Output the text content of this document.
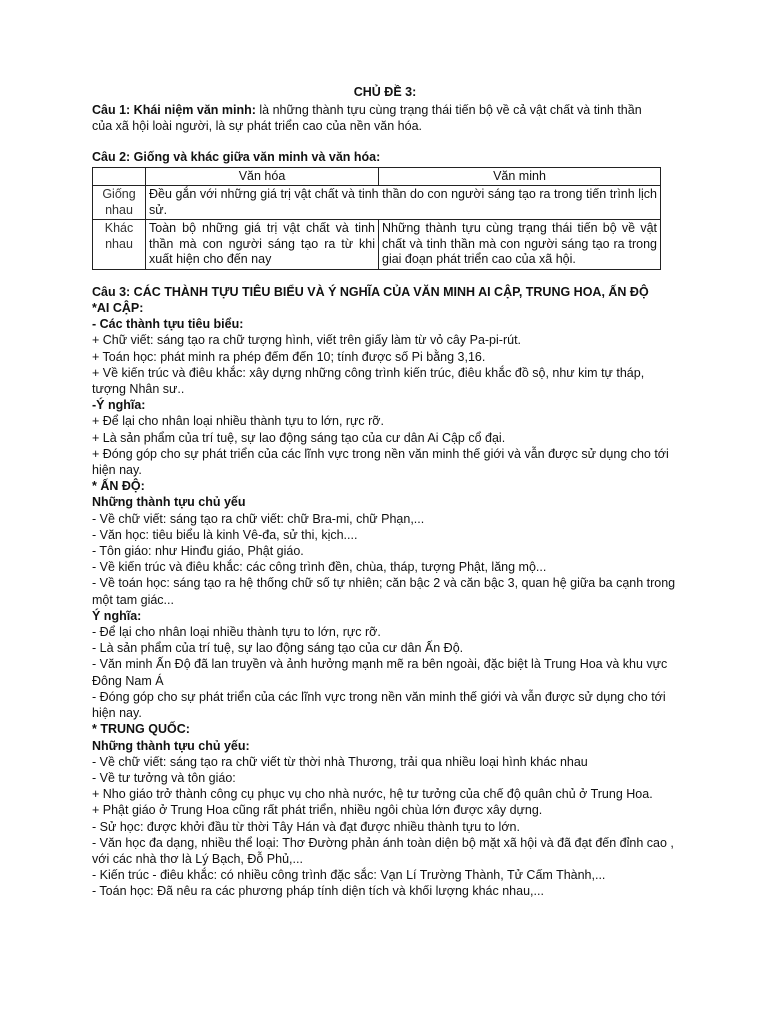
CHỦ ĐỀ 3:
Câu 1: Khái niệm văn minh: là những thành tựu cùng trạng thái tiến bộ về cả vật chất và tinh thần
của xã hội loài người, là sự phát triển cao của nền văn hóa.
Câu 2: Giống và khác giữa văn minh và văn hóa:
	Văn hóa	Văn minh
Giống nhau	Đều gắn với những giá trị vật chất và tinh thần do con người sáng tạo ra trong tiến trình lịch sử.	
Khác nhau	Toàn bộ những giá trị vật chất và tinh thần mà con người sáng tạo ra từ khi xuất hiện cho đến nay	Những thành tựu cùng trạng thái tiến bộ về vật chất và tinh thần mà con người sáng tạo ra trong giai đoạn phát triển cao của xã hội.
Câu 3: CÁC THÀNH TỰU TIÊU BIỂU VÀ Ý NGHĨA CỦA VĂN MINH AI CẬP, TRUNG HOA, ẤN ĐỘ
*AI CẬP:
- Các thành tựu tiêu biểu:
+ Chữ viết: sáng tạo ra chữ tượng hình, viết trên giấy làm từ vỏ cây Pa-pi-rút.
+ Toán học: phát minh ra phép đếm đến 10; tính được số Pi bằng 3,16.
+ Về kiến trúc và điêu khắc: xây dựng những công trình kiến trúc, điêu khắc đồ sộ, như kim tự tháp, tượng Nhân sư..
-Ý nghĩa:
+ Để lại cho nhân loại nhiều thành tựu to lớn, rực rỡ.
+ Là sản phẩm của trí tuệ, sự lao động sáng tạo của cư dân Ai Cập cổ đại.
+ Đóng góp cho sự phát triển của các lĩnh vực trong nền văn minh thế giới và vẫn được sử dụng cho tới hiện nay.
* ẤN ĐỘ:
Những thành tựu chủ yếu
- Về chữ viết: sáng tạo ra chữ viết: chữ Bra-mi, chữ Phạn,...
- Văn học: tiêu biểu là kinh Vê-đa, sử thi, kịch....
- Tôn giáo: như Hinđu giáo, Phật giáo.
- Về kiến trúc và điêu khắc: các công trình đền, chùa, tháp, tượng Phật, lăng mộ...
- Về toán học: sáng tạo ra hệ thống chữ số tự nhiên; căn bậc 2 và căn bậc 3, quan hệ giữa ba cạnh trong một tam giác...
Ý nghĩa:
- Để lại cho nhân loại nhiều thành tựu to lớn, rực rỡ.
- Là sản phẩm của trí tuệ, sự lao động sáng tạo của cư dân Ấn Độ.
- Văn minh Ấn Độ đã lan truyền và ảnh hưởng mạnh mẽ ra bên ngoài, đặc biệt là Trung Hoa và khu vực Đông Nam Á
- Đóng góp cho sự phát triển của các lĩnh vực trong nền văn minh thế giới và vẫn được sử dụng cho tới hiện nay.
* TRUNG QUỐC:
Những thành tựu chủ yếu:
- Về chữ viết: sáng tạo ra chữ viết từ thời nhà Thương, trải qua nhiều loại hình khác nhau
- Về tư tưởng và tôn giáo:
+ Nho giáo trở thành công cụ phục vụ cho nhà nước, hệ tư tưởng của chế độ quân chủ ở Trung Hoa.
+ Phật giáo ở Trung Hoa cũng rất phát triển, nhiều ngôi chùa lớn được xây dựng.
- Sử học: được khởi đầu từ thời Tây Hán và đạt được nhiều thành tựu to lớn.
- Văn học đa dạng, nhiều thể loại: Thơ Đường phản ánh toàn diện bộ mặt xã hội và đã đạt đến đỉnh cao , với các nhà thơ là Lý Bạch, Đỗ Phủ,...
- Kiến trúc - điêu khắc: có nhiều công trình đặc sắc: Vạn Lí Trường Thành, Tử Cấm Thành,...
- Toán học: Đã nêu ra các phương pháp tính diện tích và khối lượng khác nhau,...
